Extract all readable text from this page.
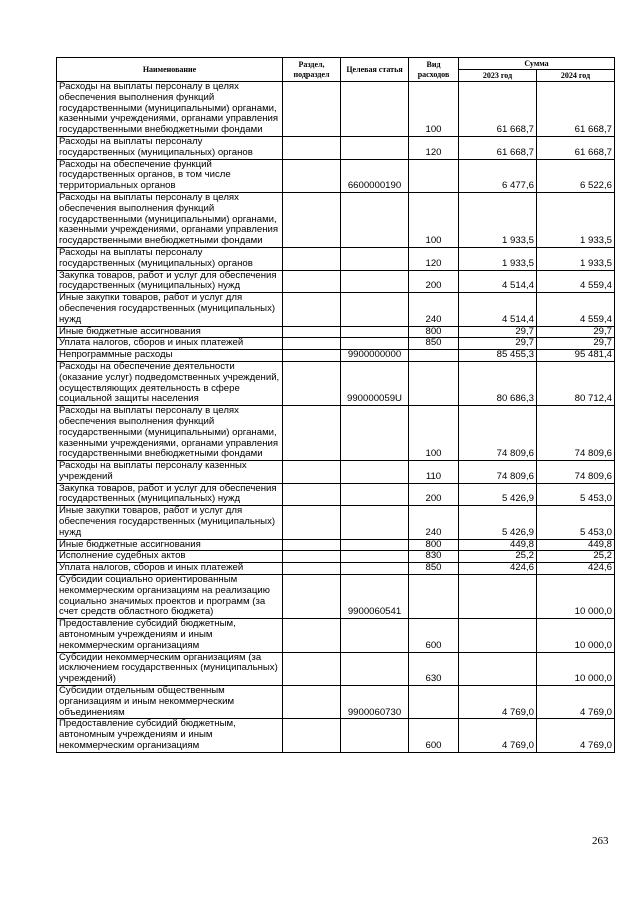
Наименование	Раздел, подраздел	Целевая статья	Вид расходов	Сумма	
				2023 год	2024 год
Расходы на выплаты персоналу в целях обеспечения выполнения функций государственными (муниципальными) органами, казенными учреждениями, органами управления государственными внебюджетными фондами			100	61 668,7	61 668,7
Расходы на выплаты персоналу государственных (муниципальных) органов			120	61 668,7	61 668,7
Расходы на обеспечение функций государственных органов, в том числе территориальных органов		6600000190		6 477,6	6 522,6
Расходы на выплаты персоналу в целях обеспечения выполнения функций государственными (муниципальными) органами, казенными учреждениями, органами управления государственными внебюджетными фондами			100	1 933,5	1 933,5
Расходы на выплаты персоналу государственных (муниципальных) органов			120	1 933,5	1 933,5
Закупка товаров, работ и услуг для обеспечения государственных (муниципальных) нужд			200	4 514,4	4 559,4
Иные закупки товаров, работ и услуг для обеспечения государственных (муниципальных) нужд			240	4 514,4	4 559,4
Иные бюджетные ассигнования			800	29,7	29,7
Уплата налогов, сборов и иных платежей			850	29,7	29,7
Непрограммные расходы		9900000000		85 455,3	95 481,4
Расходы на обеспечение деятельности (оказание услуг) подведомственных учреждений, осуществляющих деятельность в сфере социальной защиты населения		990000059U		80 686,3	80 712,4
Расходы на выплаты персоналу в целях обеспечения выполнения функций государственными (муниципальными) органами, казенными учреждениями, органами управления государственными внебюджетными фондами			100	74 809,6	74 809,6
Расходы на выплаты персоналу казенных учреждений			110	74 809,6	74 809,6
Закупка товаров, работ и услуг для обеспечения государственных (муниципальных) нужд			200	5 426,9	5 453,0
Иные закупки товаров, работ и услуг для обеспечения государственных (муниципальных) нужд			240	5 426,9	5 453,0
Иные бюджетные ассигнования			800	449,8	449,8
Исполнение судебных актов			830	25,2	25,2
Уплата налогов, сборов и иных платежей			850	424,6	424,6
Субсидии социально ориентированным некоммерческим организациям на реализацию социально значимых проектов и программ (за счет средств областного бюджета)		9900060541			10 000,0
Предоставление субсидий бюджетным, автономным учреждениям и иным некоммерческим организациям			600		10 000,0
Субсидии некоммерческим организациям (за исключением государственных (муниципальных) учреждений)			630		10 000,0
Субсидии отдельным общественным организациям и иным некоммерческим объединениям		9900060730		4 769,0	4 769,0
Предоставление субсидий бюджетным, автономным учреждениям и иным некоммерческим организациям			600	4 769,0	4 769,0
263
